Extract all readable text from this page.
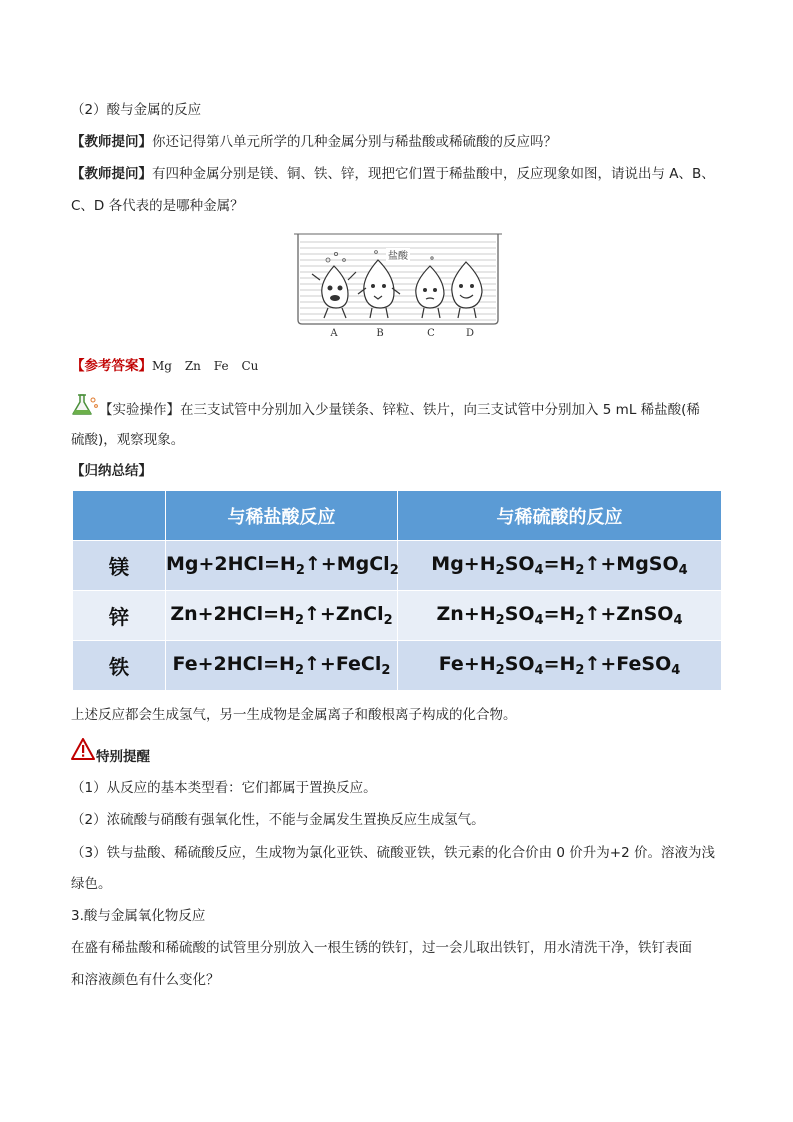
（2）酸与金属的反应
【教师提问】你还记得第八单元所学的几种金属分别与稀盐酸或稀硫酸的反应吗？
【教师提问】有四种金属分别是镁、铜、铁、锌，现把它们置于稀盐酸中，反应现象如图，请说出与 A、B、
C、D 各代表的是哪种金属？
盐酸
A	B	C	D
【参考答案】Mg Zn Fe Cu
【实验操作】在三支试管中分别加入少量镁条、锌粒、铁片，向三支试管中分别加入 5 mL 稀盐酸(稀
硫酸)，观察现象。
【归纳总结】
	与稀盐酸反应	与稀硫酸的反应
镁	$Mg+2HCl=H_2↑+MgCl_2$	$Mg+H_2SO_4=H_2↑+MgSO_4$
锌	$Zn+2HCl=H_2↑+ZnCl_2$	$Zn+H_2SO_4=H_2↑+ZnSO_4$
铁	$Fe+2HCl=H_2↑+FeCl_2$	$Fe+H_2SO_4=H_2↑+FeSO_4$
上述反应都会生成氢气，另一生成物是金属离子和酸根离子构成的化合物。
特别提醒
（1）从反应的基本类型看：它们都属于置换反应。
（2）浓硫酸与硝酸有强氧化性，不能与金属发生置换反应生成氢气。
（3）铁与盐酸、稀硫酸反应，生成物为氯化亚铁、硫酸亚铁，铁元素的化合价由 0 价升为+2 价。溶液为浅
绿色。
3.酸与金属氧化物反应
在盛有稀盐酸和稀硫酸的试管里分别放入一根生锈的铁钉，过一会儿取出铁钉，用水清洗干净，铁钉表面
和溶液颜色有什么变化？
